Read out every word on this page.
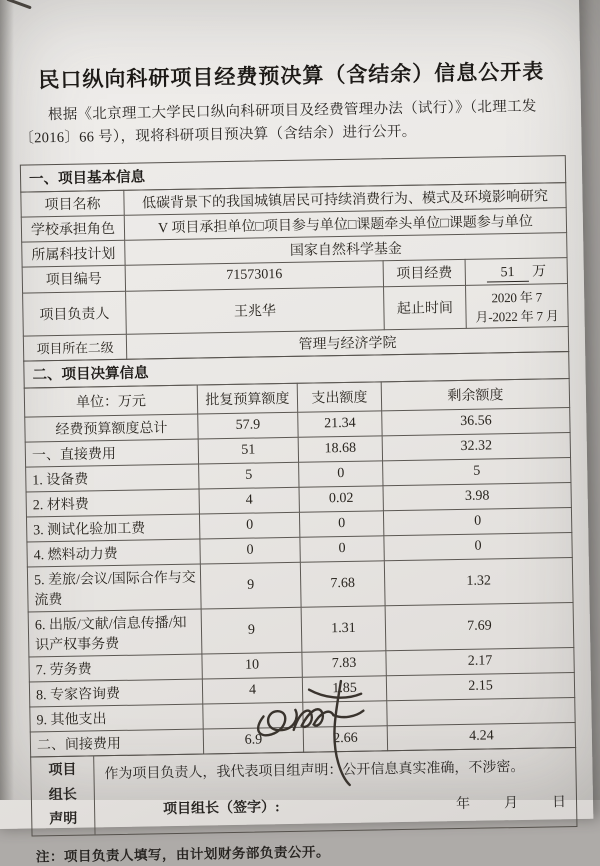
民口纵向科研项目经费预决算（含结余）信息公开表
根据《北京理工大学民口纵向科研项目及经费管理办法（试行）》（北理工发〔2016〕66 号），现将科研项目预决算（含结余）进行公开。
一、项目基本信息
项目名称	低碳背景下的我国城镇居民可持续消费行为、模式及环境影响研究		
学校承担角色	V 项目承担单位□项目参与单位□课题牵头单位□课题参与单位		
所属科技计划	国家自然科学基金		
项目编号	71573016	项目经费	51 万
项目负责人	王兆华	起止时间	2020 年 7 月-2022 年 7 月
项目所在二级	管理与经济学院		
二、项目决算信息
单位：万元	批复预算额度	支出额度	剩余额度
经费预算额度总计	57.9	21.34	36.56
一、直接费用	51	18.68	32.32
1. 设备费	5	0	5
2. 材料费	4	0.02	3.98
3. 测试化验加工费	0	0	0
4. 燃料动力费	0	0	0
5. 差旅/会议/国际合作与交流费	9	7.68	1.32
6. 出版/文献/信息传播/知识产权事务费	9	1.31	7.69
7. 劳务费	10	7.83	2.17
8. 专家咨询费	4	1.85	2.15
9. 其他支出			
二、间接费用	6.9	2.66	4.24
项目
组长
声明
作为项目负责人，我代表项目组声明：公开信息真实准确，不涉密。
项目组长（签字）:	年 月 日
注：项目负责人填写，由计划财务部负责公开。
